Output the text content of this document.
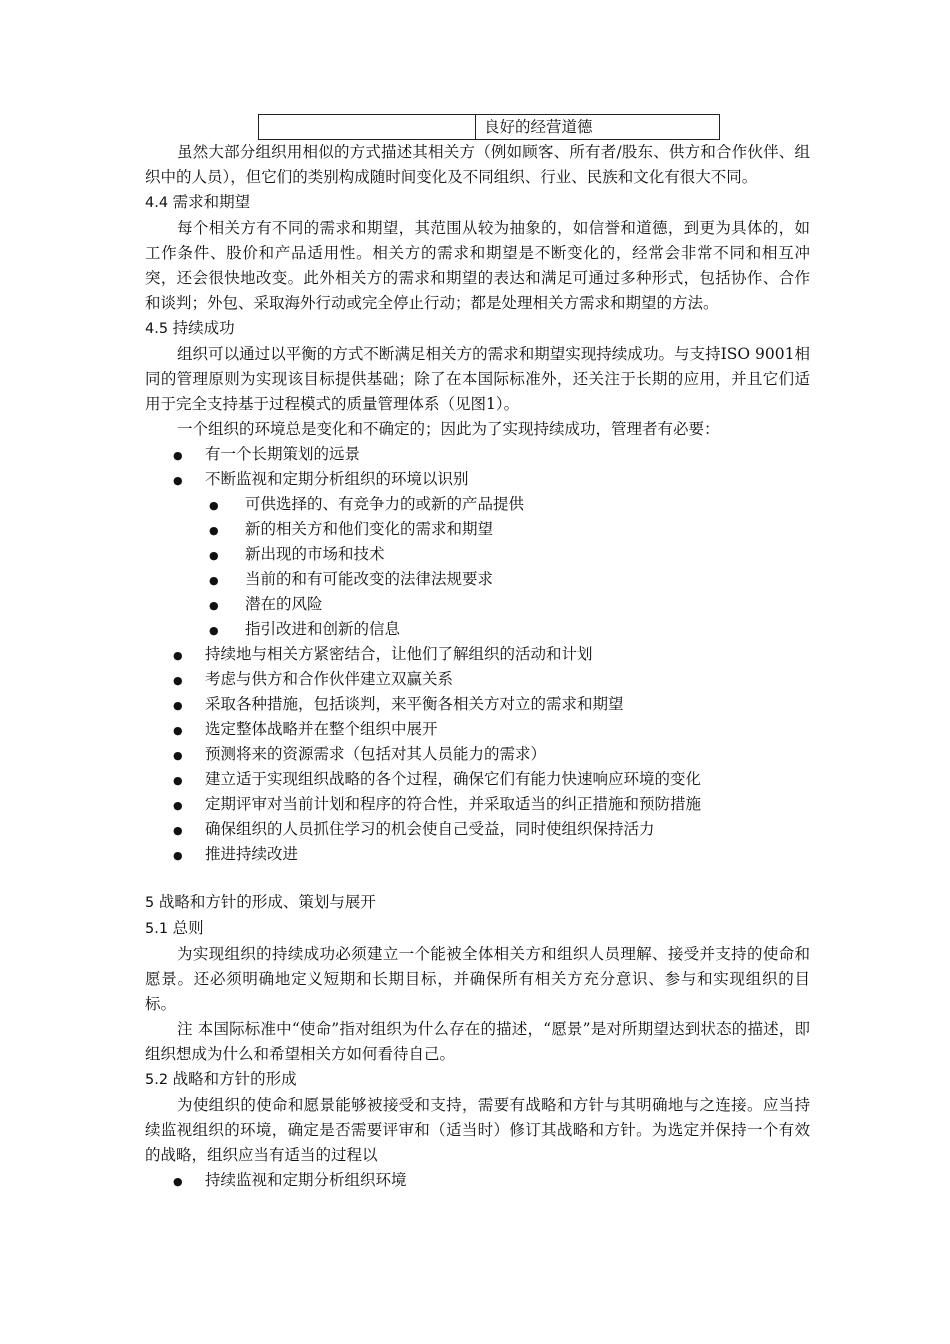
	良好的经营道德

虽然大部分组织用相似的方式描述其相关方（例如顾客、所有者/股东、供方和合作伙伴、组织中的人员），但它们的类别构成随时间变化及不同组织、行业、民族和文化有很大不同。

4.4 需求和期望

每个相关方有不同的需求和期望，其范围从较为抽象的，如信誉和道德，到更为具体的，如工作条件、股价和产品适用性。相关方的需求和期望是不断变化的，经常会非常不同和相互冲突，还会很快地改变。此外相关方的需求和期望的表达和满足可通过多种形式，包括协作、合作和谈判；外包、采取海外行动或完全停止行动；都是处理相关方需求和期望的方法。

4.5 持续成功

组织可以通过以平衡的方式不断满足相关方的需求和期望实现持续成功。与支持ISO 9001相同的管理原则为实现该目标提供基础；除了在本国际标准外，还关注于长期的应用，并且它们适用于完全支持基于过程模式的质量管理体系（见图1）。

一个组织的环境总是变化和不确定的；因此为了实现持续成功，管理者有必要：

● 有一个长期策划的远景
● 不断监视和定期分析组织的环境以识别
● 可供选择的、有竞争力的或新的产品提供
● 新的相关方和他们变化的需求和期望
● 新出现的市场和技术
● 当前的和有可能改变的法律法规要求
● 潜在的风险
● 指引改进和创新的信息
● 持续地与相关方紧密结合，让他们了解组织的活动和计划
● 考虑与供方和合作伙伴建立双赢关系
● 采取各种措施，包括谈判，来平衡各相关方对立的需求和期望
● 选定整体战略并在整个组织中展开
● 预测将来的资源需求（包括对其人员能力的需求）
● 建立适于实现组织战略的各个过程，确保它们有能力快速响应环境的变化
● 定期评审对当前计划和程序的符合性，并采取适当的纠正措施和预防措施
● 确保组织的人员抓住学习的机会使自己受益，同时使组织保持活力
● 推进持续改进
5 战略和方针的形成、策划与展开
5.1 总则

为实现组织的持续成功必须建立一个能被全体相关方和组织人员理解、接受并支持的使命和愿景。还必须明确地定义短期和长期目标，并确保所有相关方充分意识、参与和实现组织的目标。

注 本国际标准中“使命”指对组织为什么存在的描述，“愿景”是对所期望达到状态的描述，即组织想成为什么和希望相关方如何看待自己。

5.2 战略和方针的形成

为使组织的使命和愿景能够被接受和支持，需要有战略和方针与其明确地与之连接。应当持续监视组织的环境，确定是否需要评审和（适当时）修订其战略和方针。为选定并保持一个有效的战略，组织应当有适当的过程以

● 持续监视和定期分析组织环境
